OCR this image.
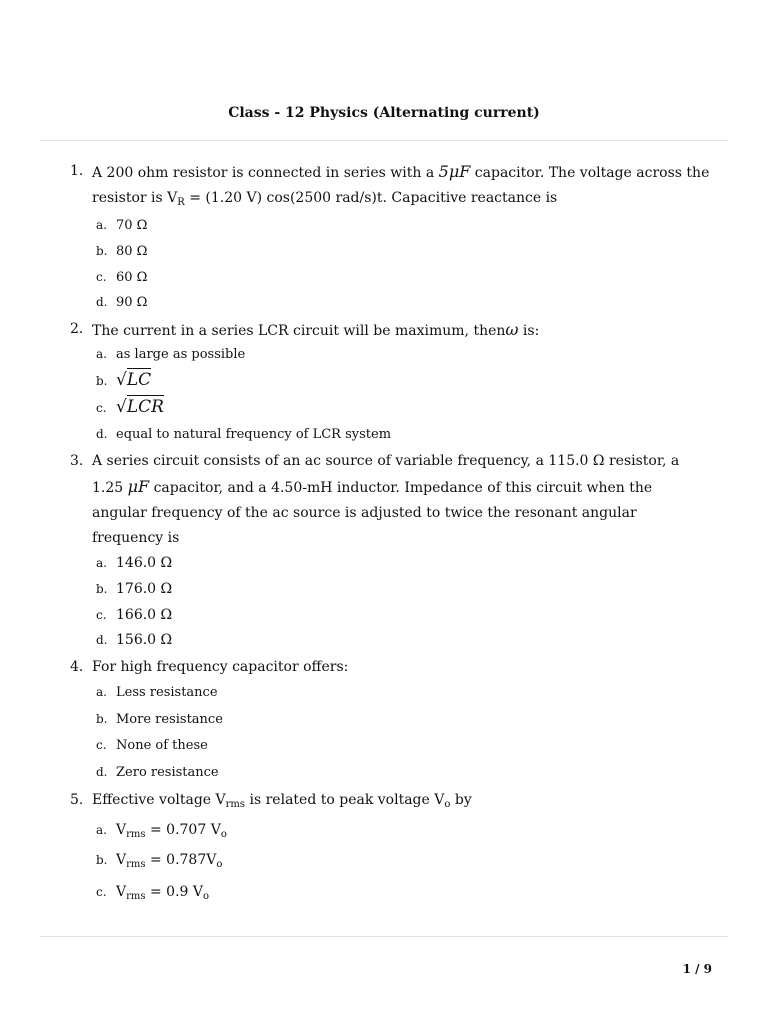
Class - 12 Physics (Alternating current)
1. A 200 ohm resistor is connected in series with a 5μF capacitor. The voltage across the
resistor is $V_R = (1.20$ V) cos(2500 rad/s)t. Capacitive reactance is
a. 70 Ω
b. 80 Ω
c. 60 Ω
d. 90 Ω
2. The current in a series LCR circuit will be maximum, thenω is:
a. as large as possible
b. √LC
c. √LCR
d. equal to natural frequency of LCR system
3. A series circuit consists of an ac source of variable frequency, a 115.0 Ω resistor, a
1.25 μF capacitor, and a 4.50-mH inductor. Impedance of this circuit when the
angular frequency of the ac source is adjusted to twice the resonant angular
frequency is
a. 146.0 Ω
b. 176.0 Ω
c. 166.0 Ω
d. 156.0 Ω
4. For high frequency capacitor offers:
a. Less resistance
b. More resistance
c. None of these
d. Zero resistance
5. Effective voltage $V_{rms}$ is related to peak voltage $V_o$ by
a. $V_{rms} = 0.707$ $V_o$
b. $V_{rms} = 0.787V_o$
c. $V_{rms} = 0.9$ $V_o$
1 / 9
